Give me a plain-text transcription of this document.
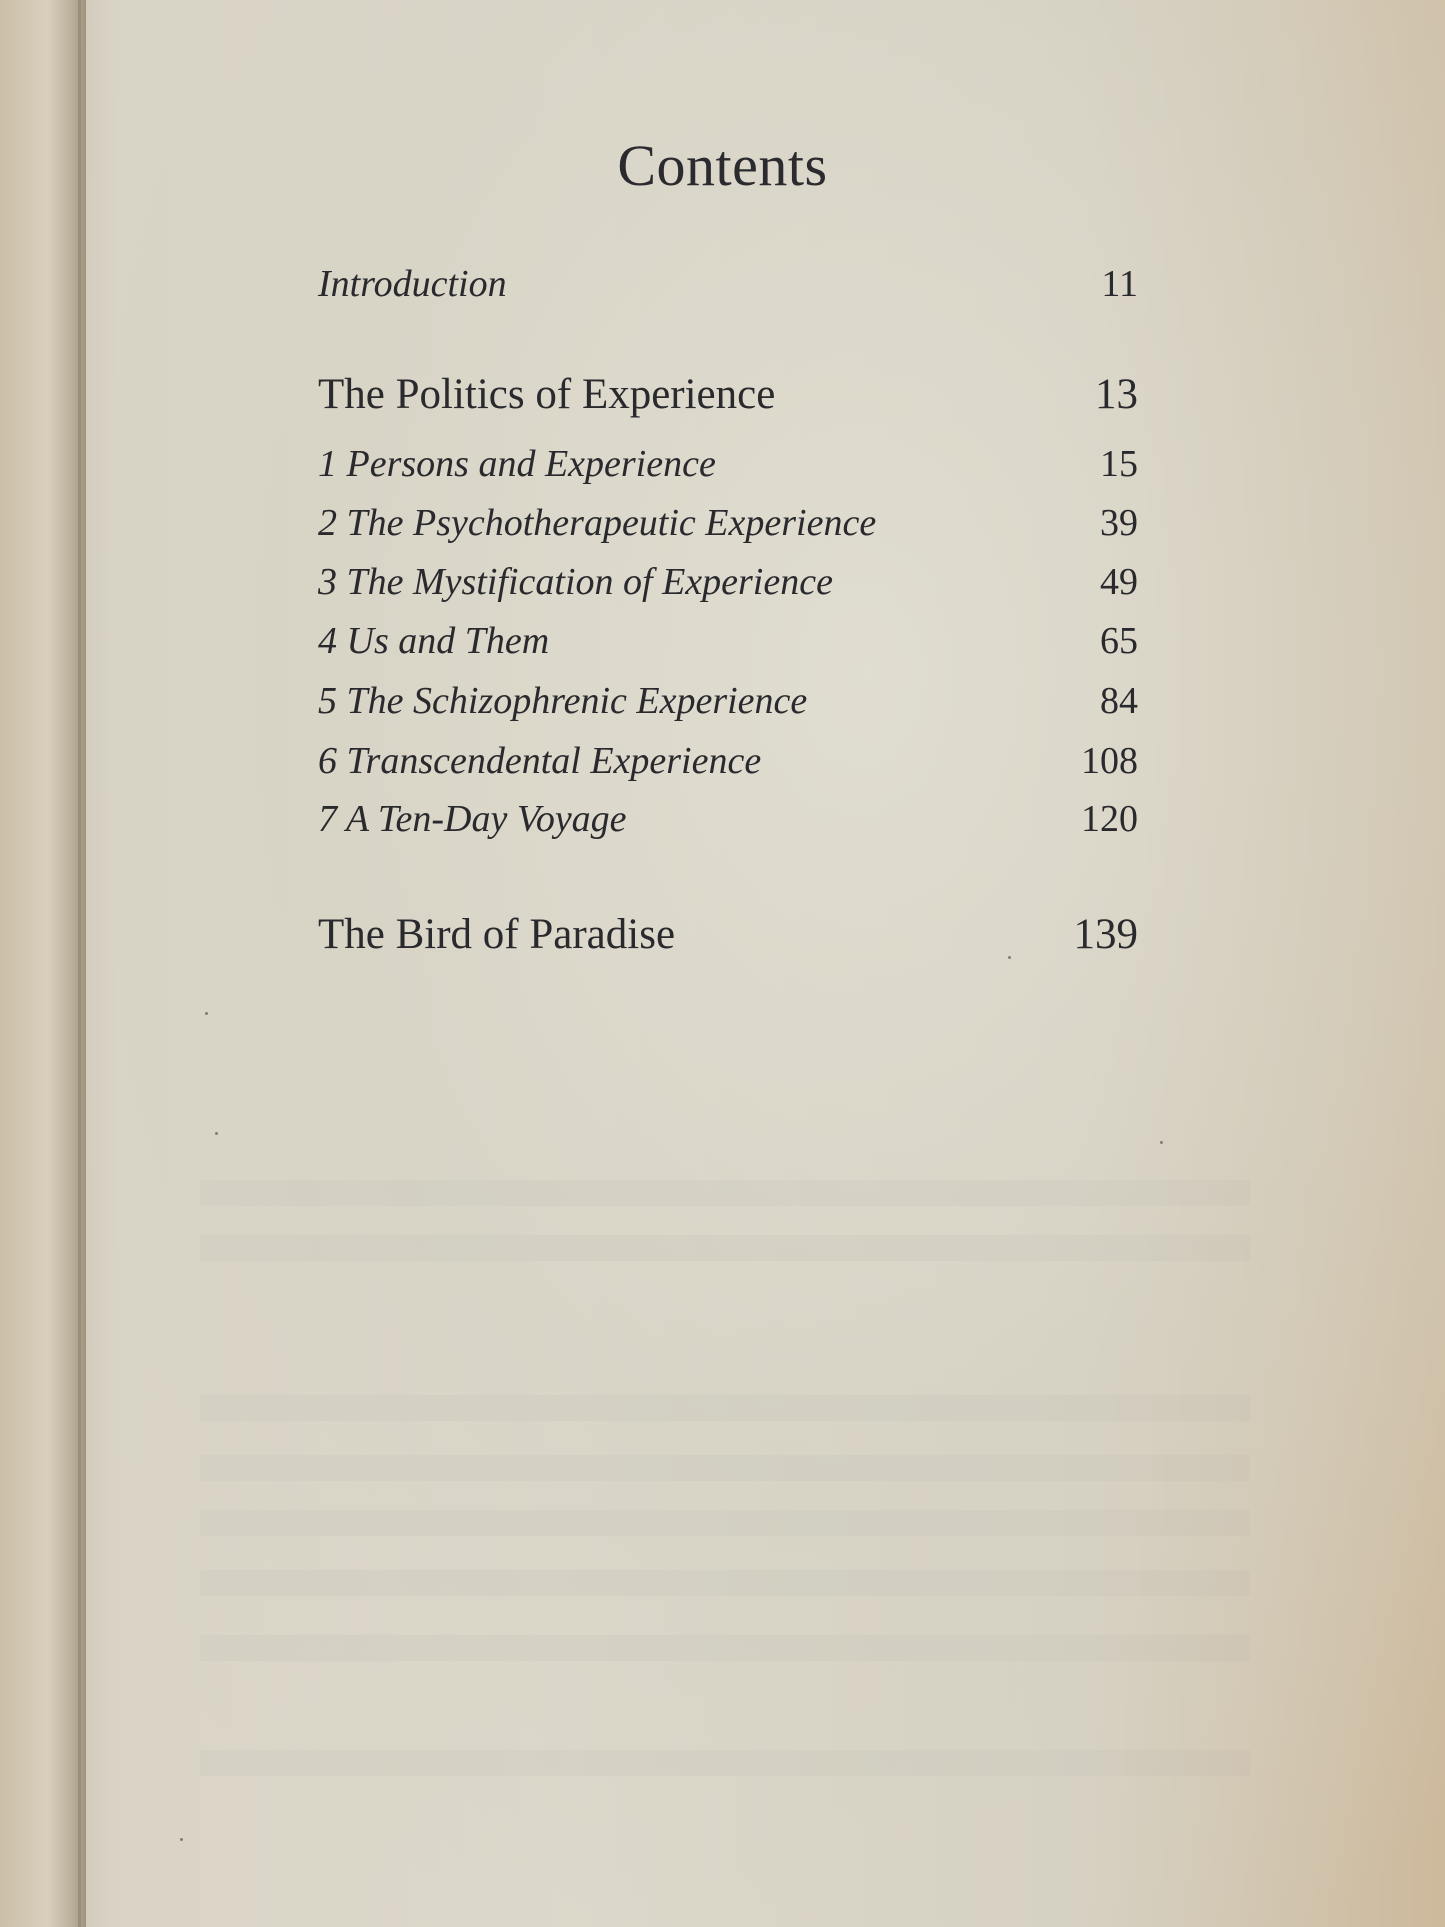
Contents
Introduction	11
The Politics of Experience	13
1 Persons and Experience	15
2 The Psychotherapeutic Experience	39
3 The Mystification of Experience	49
4 Us and Them	65
5 The Schizophrenic Experience	84
6 Transcendental Experience	108
7 A Ten-Day Voyage	120
The Bird of Paradise	139
